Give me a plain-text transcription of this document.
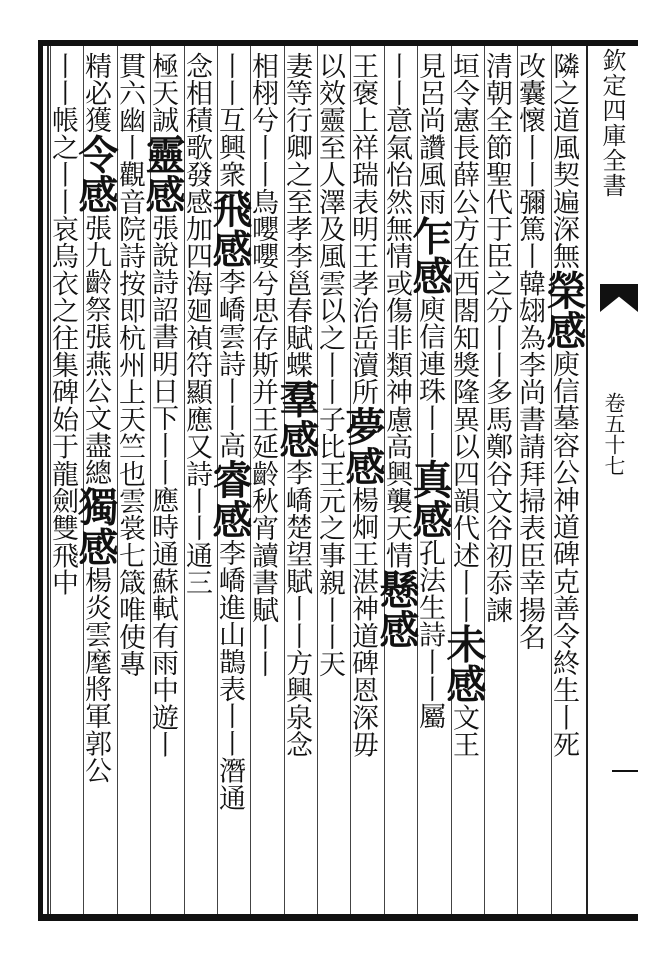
欽定四庫全書
卷五十七
隣之道風契遍深無榮感庾信墓容公神道碑克善令終生丨死
改囊懷丨丨彌篤丨韓翃為李尚書請拜掃表臣幸揚名
清朝全節聖代于臣之分丨丨多馬鄭谷文谷初忝諫
垣令憲長薛公方在西閤知獎隆異以四韻代述丨丨未感文王
見呂尚讚風雨乍感庾信連珠丨丨真感孔法生詩丨丨屬
丨丨意氣怡然無情或傷非類神慮高興襲天情懸感
王褒上祥瑞表明王孝治岳瀆所夢感楊炯王湛神道碑恩深毋
以效靈至人澤及風雲以之丨丨子比王元之事親丨丨天
妻等行卿之至孝李邕春賦蝶羣感李嶠楚望賦丨丨方興泉念
相栩兮丨丨鳥嚶嚶兮思存斯并王延齡秋宵讀書賦丨丨
丨丨互興衆飛感李嶠雲詩丨丨高睿感李嶠進山鵲表丨丨潛通
念相積歌發感加四海廻禎符顯應又詩丨丨通三
極天誠靈感張說詩詔書明日下丨丨應時通蘇軾有雨中遊丨
貫六幽丨觀音院詩按即杭州上天竺也雲裳七箴唯使專
精必獲令感張九齡祭張燕公文盡總獨感楊炎雲麾將軍郭公
丨丨帳之丨丨哀烏衣之往集碑始于龍劍雙飛中
